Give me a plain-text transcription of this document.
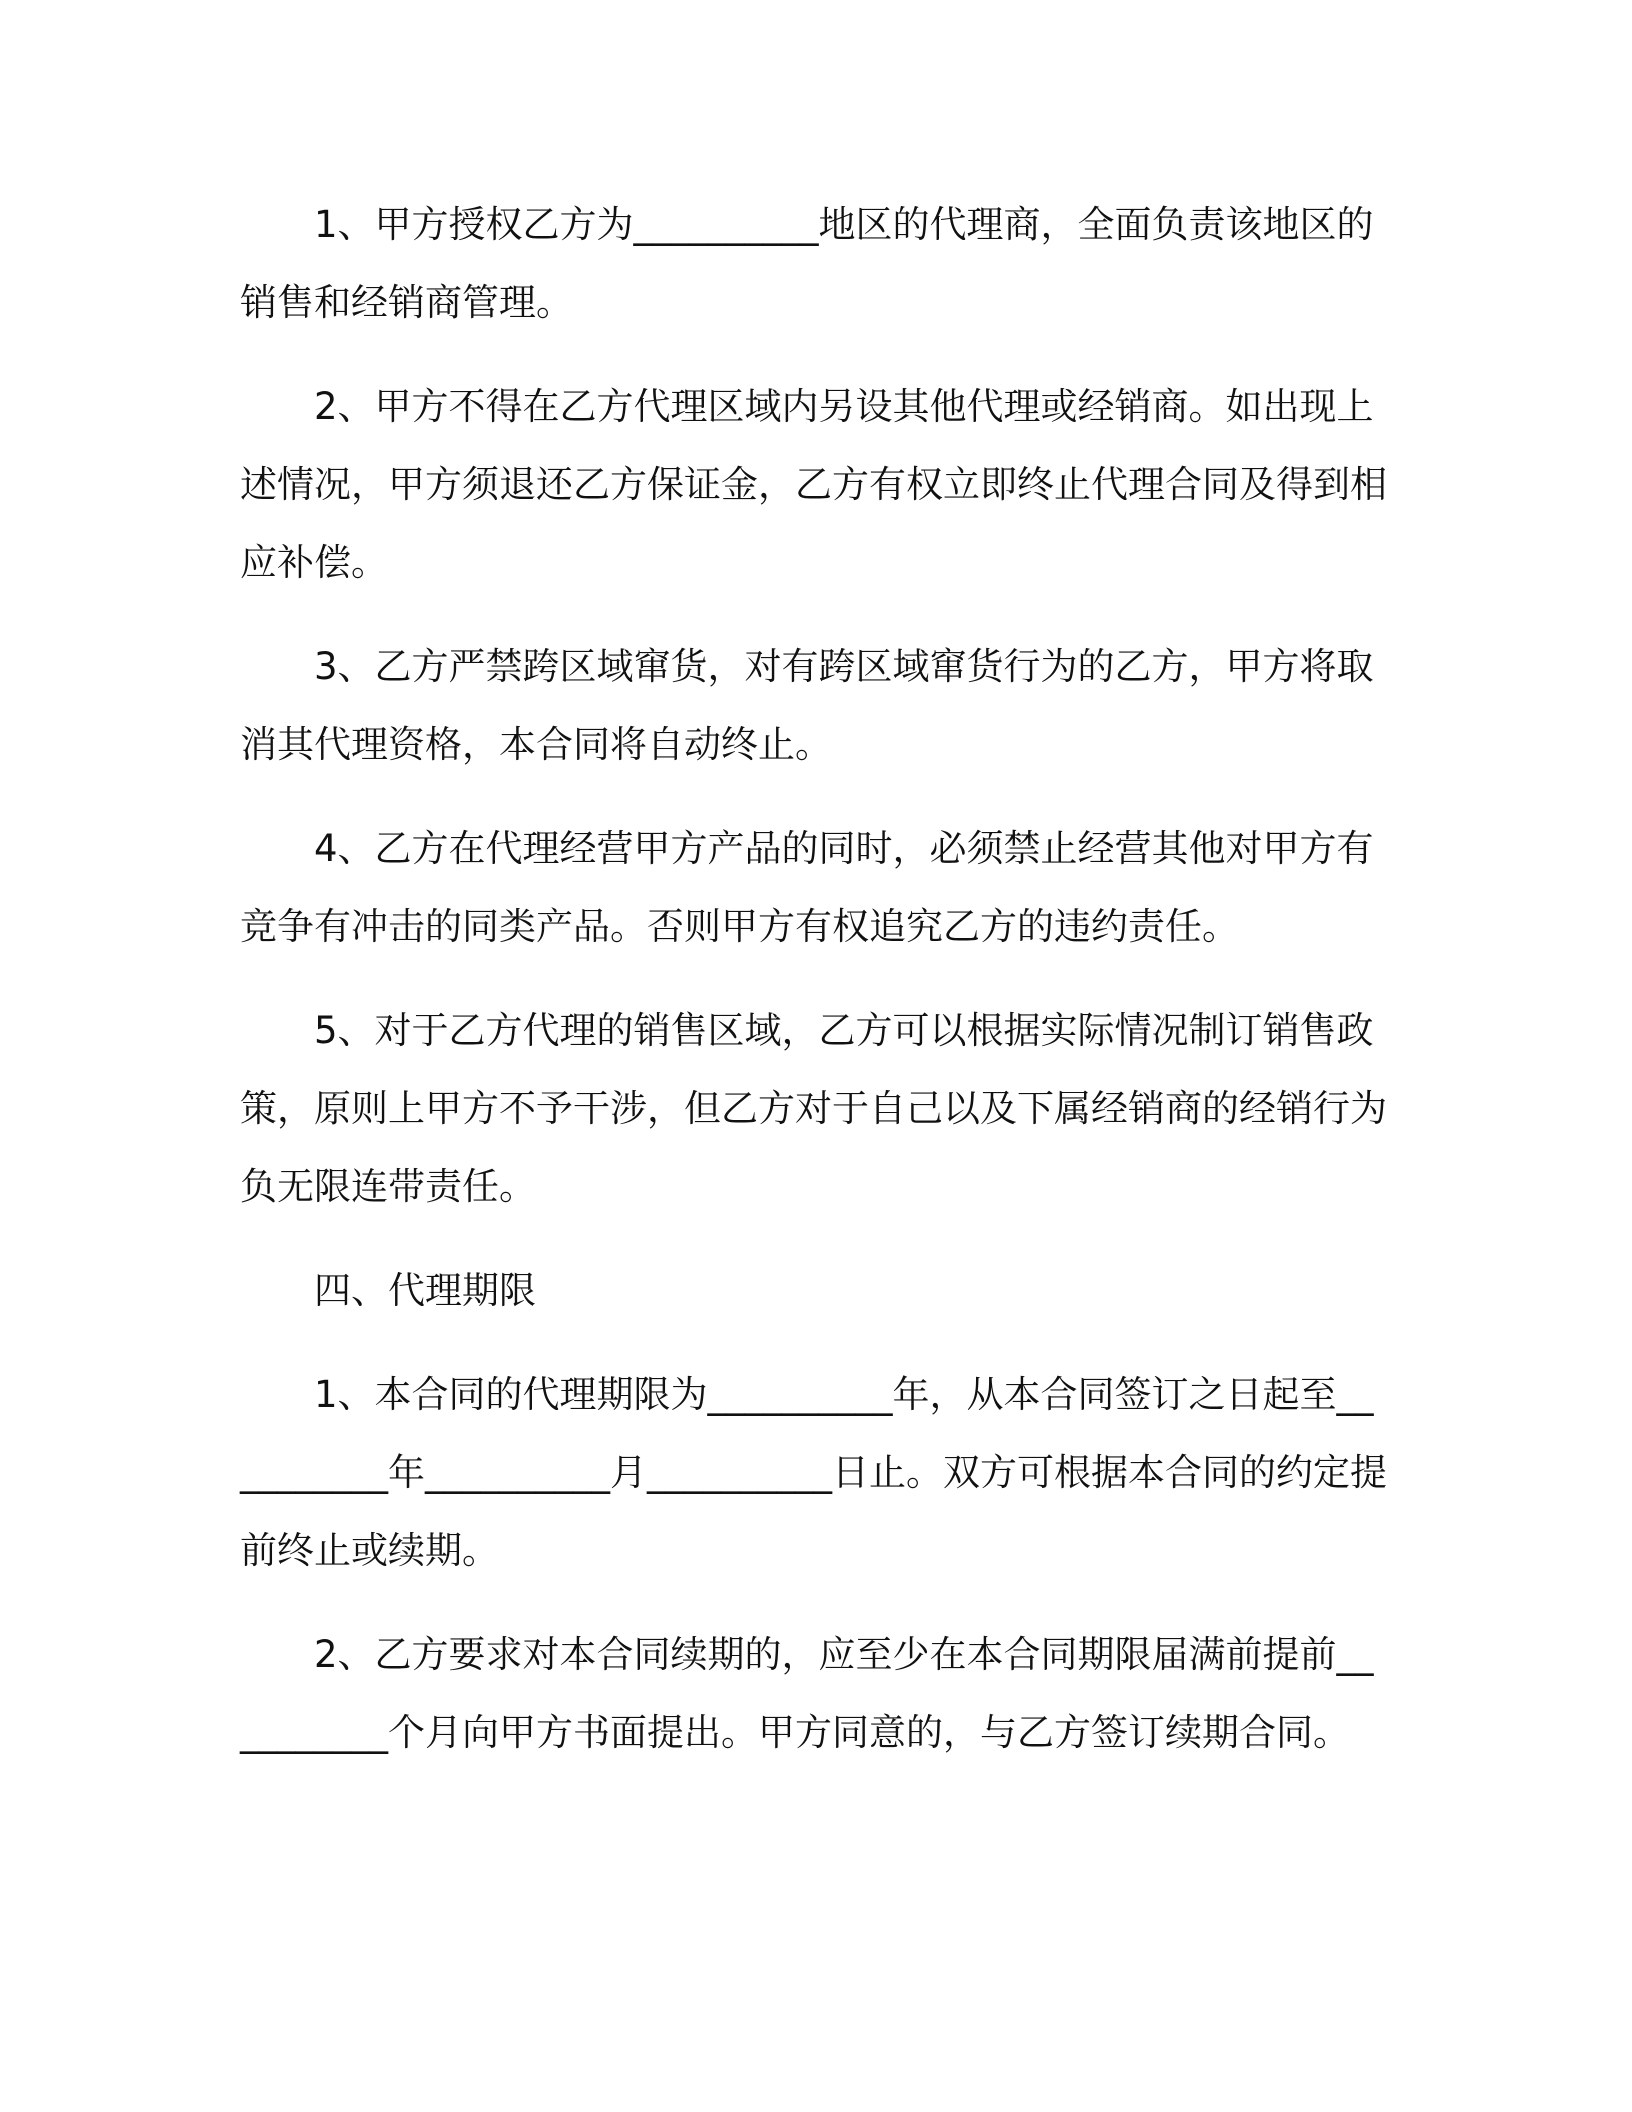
1、甲方授权乙方为__________地区的代理商，全面负责该地区的销售和经销商管理。

2、甲方不得在乙方代理区域内另设其他代理或经销商。如出现上述情况，甲方须退还乙方保证金，乙方有权立即终止代理合同及得到相应补偿。

3、乙方严禁跨区域窜货，对有跨区域窜货行为的乙方，甲方将取消其代理资格，本合同将自动终止。

4、乙方在代理经营甲方产品的同时，必须禁止经营其他对甲方有竞争有冲击的同类产品。否则甲方有权追究乙方的违约责任。

5、对于乙方代理的销售区域，乙方可以根据实际情况制订销售政策，原则上甲方不予干涉，但乙方对于自己以及下属经销商的经销行为负无限连带责任。

四、代理期限

1、本合同的代理期限为__________年，从本合同签订之日起至__________年__________月__________日止。双方可根据本合同的约定提前终止或续期。

2、乙方要求对本合同续期的，应至少在本合同期限届满前提前__________个月向甲方书面提出。甲方同意的，与乙方签订续期合同。
